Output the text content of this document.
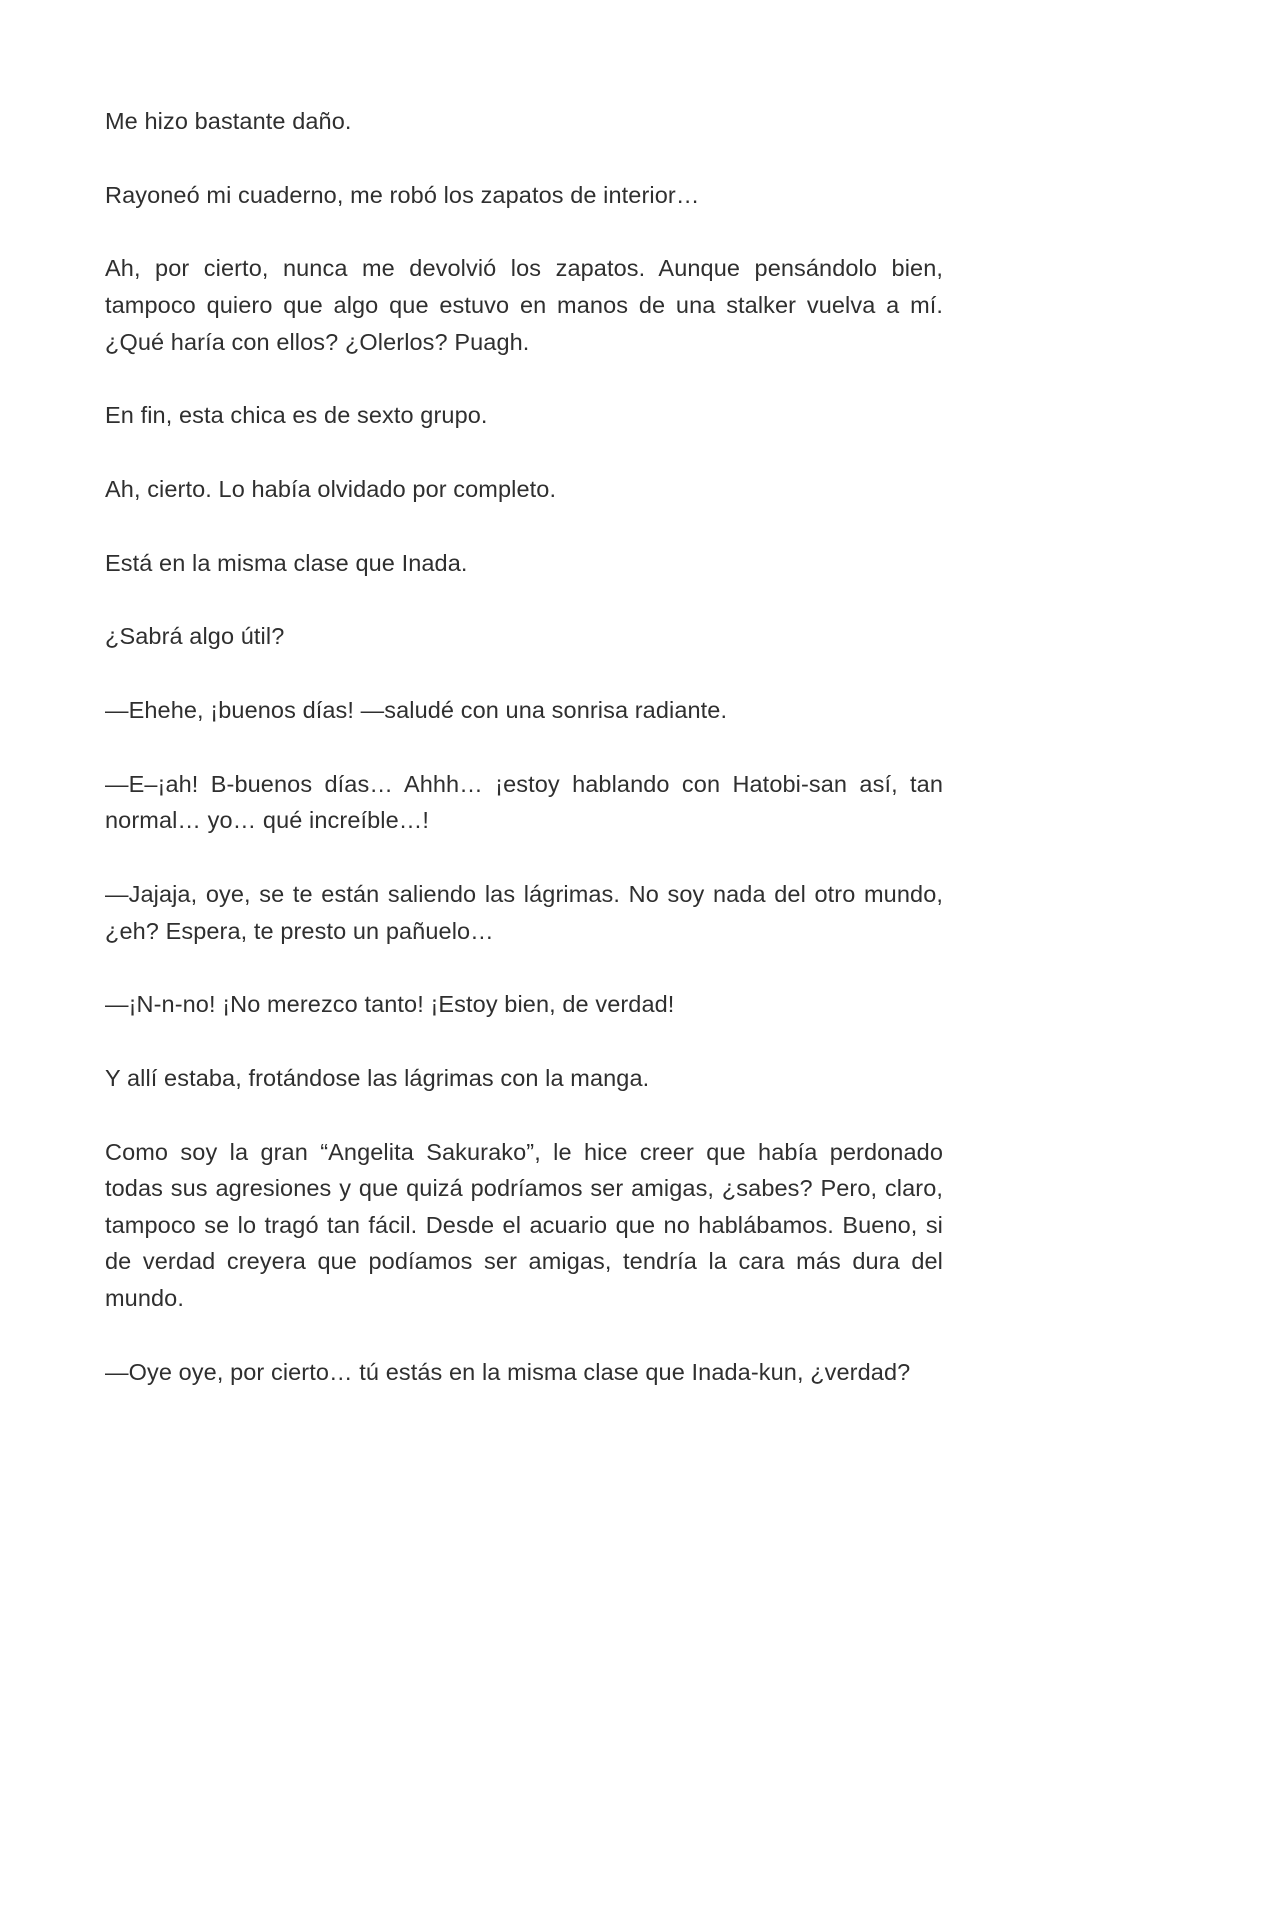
Me hizo bastante daño.

Rayoneó mi cuaderno, me robó los zapatos de interior…

Ah, por cierto, nunca me devolvió los zapatos. Aunque pensándolo bien, tampoco quiero que algo que estuvo en manos de una stalker vuelva a mí. ¿Qué haría con ellos? ¿Olerlos? Puagh.

En fin, esta chica es de sexto grupo.

Ah, cierto. Lo había olvidado por completo.

Está en la misma clase que Inada.

¿Sabrá algo útil?

—Ehehe, ¡buenos días! —saludé con una sonrisa radiante.

—E–¡ah! B-buenos días… Ahhh… ¡estoy hablando con Hatobi-san así, tan normal… yo… qué increíble…!

—Jajaja, oye, se te están saliendo las lágrimas. No soy nada del otro mundo, ¿eh? Espera, te presto un pañuelo…

—¡N-n-no! ¡No merezco tanto! ¡Estoy bien, de verdad!

Y allí estaba, frotándose las lágrimas con la manga.

Como soy la gran “Angelita Sakurako”, le hice creer que había perdonado todas sus agresiones y que quizá podríamos ser amigas, ¿sabes? Pero, claro, tampoco se lo tragó tan fácil. Desde el acuario que no hablábamos. Bueno, si de verdad creyera que podíamos ser amigas, tendría la cara más dura del mundo.

—Oye oye, por cierto… tú estás en la misma clase que Inada-kun, ¿verdad?
